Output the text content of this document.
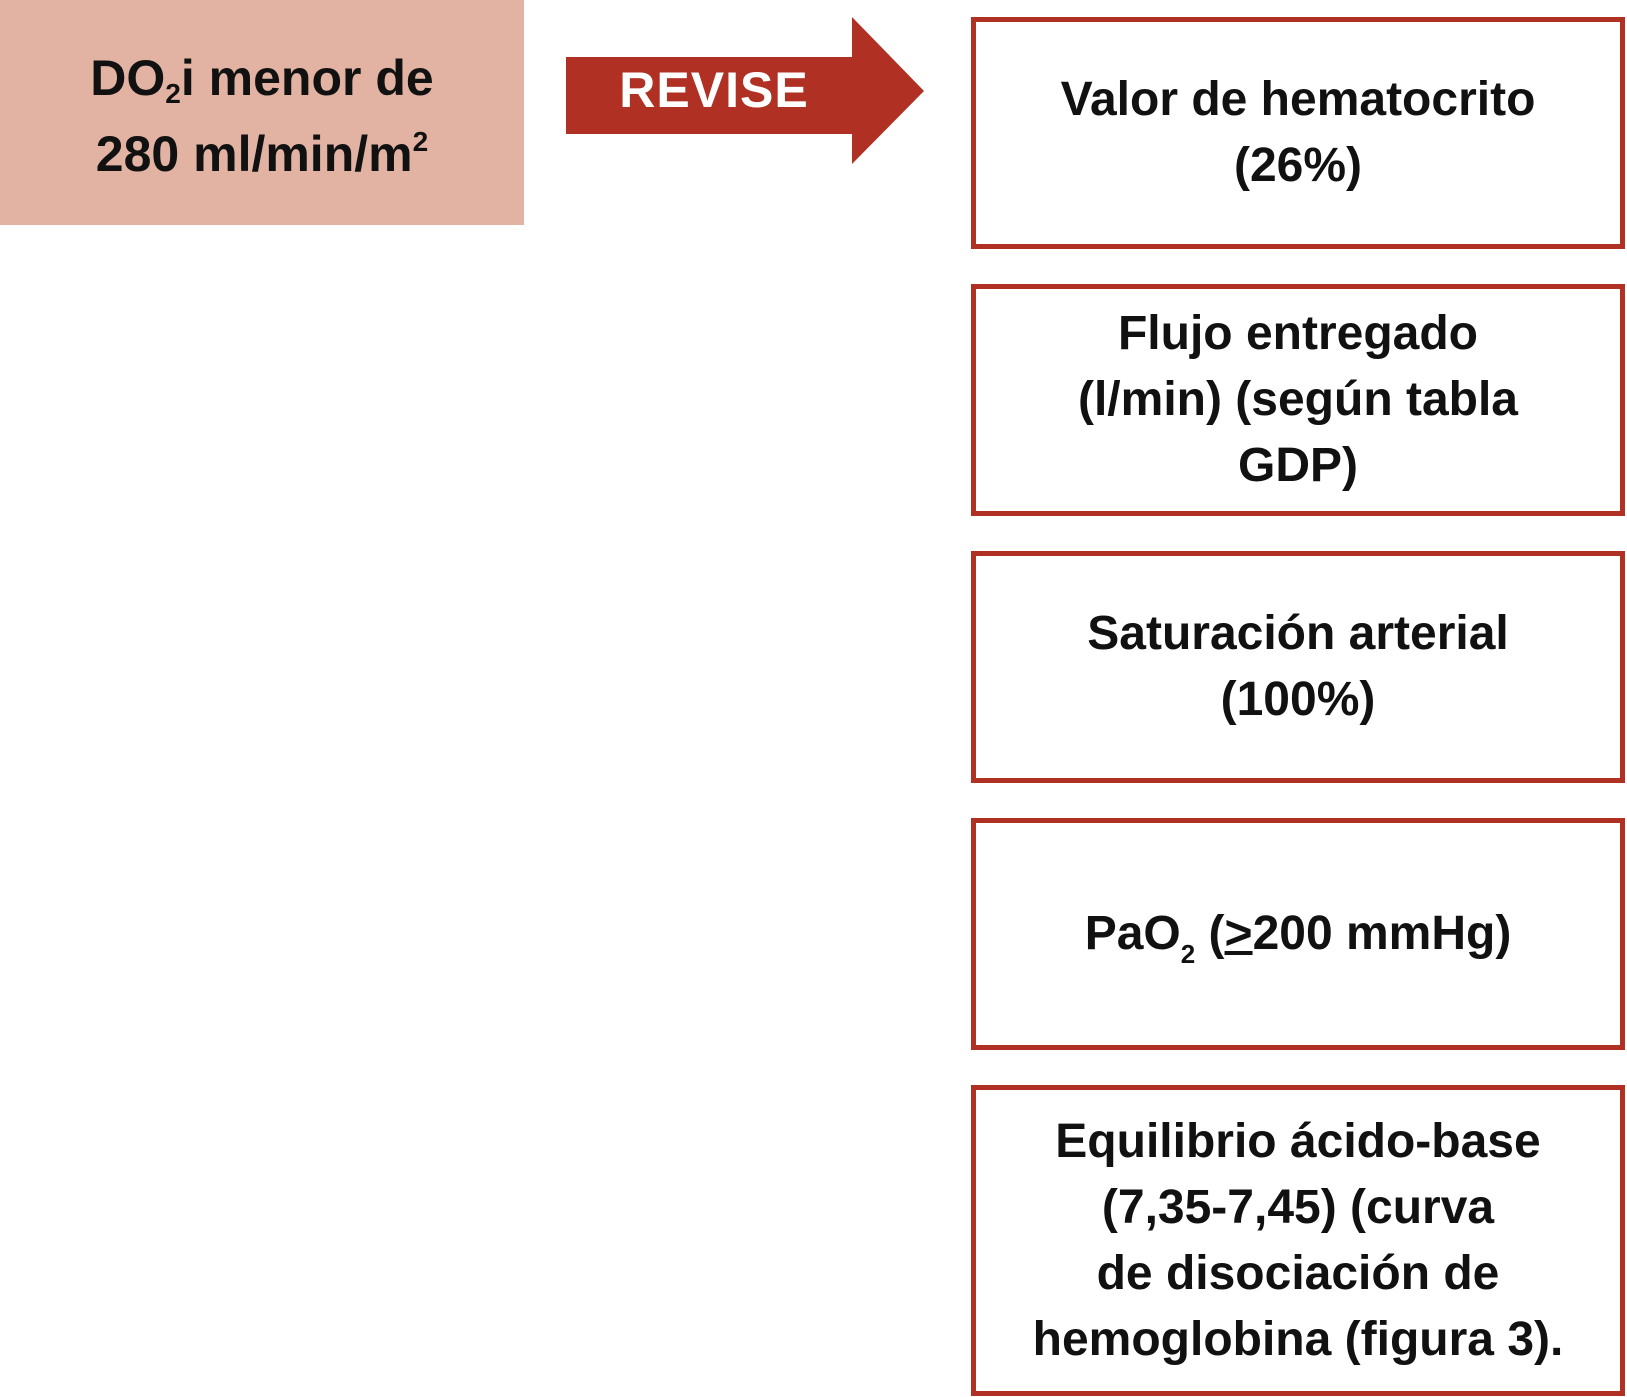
$DO_2i$ menor de
280 $ml/\min/m^2$
REVISE	Valor de hematocrito
(26%)
Flujo entregado
(l/min) (según tabla
GDP)
Saturación arterial
(100%)
PaO$_2$ (≥200 mmHg)
Equilibrio ácido-base
(7,35-7,45) (curva
de disociación de
hemoglobina (figura 3).
